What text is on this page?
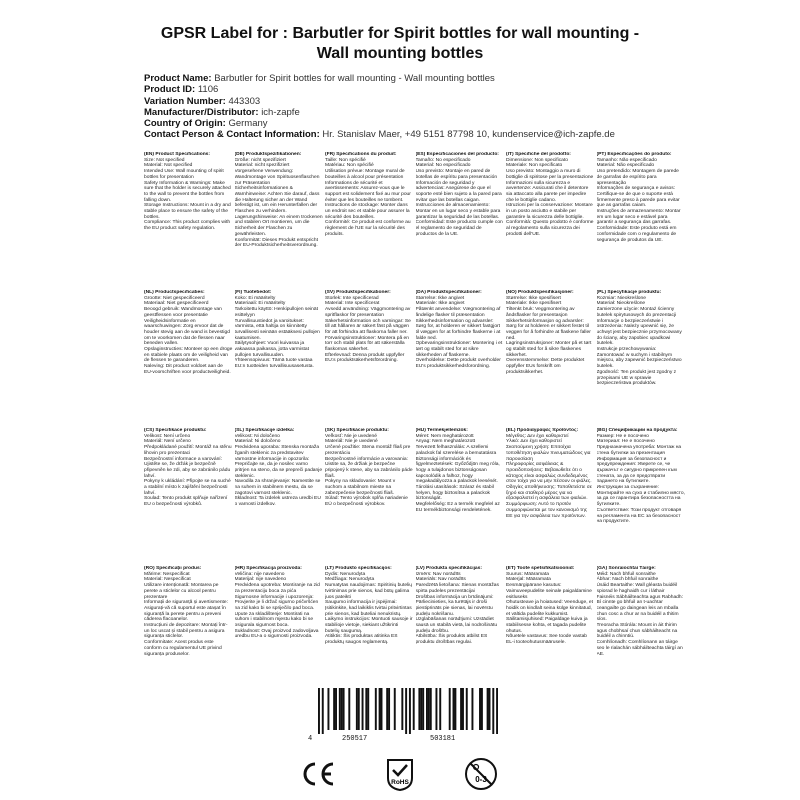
GPSR Label for : Barbutler for Spirit bottles for wall mounting -
Wall mounting bottles
Product Name: Barbutler for Spirit bottles for wall mounting - Wall mounting bottles
Product ID: 1106
Variation Number: 443303
Manufacturer/Distributor: ich-zapfe
Country of Origin: Germany
Contact Person & Contact Information: Hr. Stanislav Maer, +49 5151 87798 10, kundenservice@ich-zapfe.de
(EN) Product Specifications:
Size: Not specified
Material: Not specified
Intended Use: Wall mounting of spirit bottles for presentation
Safety Information & Warnings: Make sure that the holder is securely attached to the wall to prevent the bottles from falling down.
Storage Instructions: Mount in a dry and stable place to ensure the safety of the bottles.
Compliance: This product complies with the EU product safety regulation.
(DE) Produktspezifikationen:
Größe: nicht spezifiziert
Material: nicht spezifiziert
Vorgesehene Verwendung: Wandmontage von Spirituosenflaschen zur Präsentation
Sicherheitsinformationen & Warnhinweise: Achten Sie darauf, dass die Halterung sicher an der Wand befestigt ist, um ein Herunterfallen der Flaschen zu verhindern.
Lagerungshinweise: An einem trockenen und stabilen Ort montieren, um die Sicherheit der Flaschen zu gewährleisten.
Konformität: Dieses Produkt entspricht der EU-Produktsicherheitsverordnung.
(FR) Spécifications du produit:
Taille: Non spécifié
Matériau: Non spécifié
Utilisation prévue: Montage mural de bouteilles à alcool pour présentation
Informations de sécurité et avertissements: Assurez-vous que le support est solidement fixé au mur pour éviter que les bouteilles ne tombent.
Instructions de stockage: Monter dans un endroit sec et stable pour assurer la sécurité des bouteilles.
Conformité: Ce produit est conforme au règlement de l'UE sur la sécurité des produits.
(ES) Especificaciones del producto:
Tamaño: No especificado
Material: No especificado
Uso previsto: Montaje en pared de botellas de espíritu para presentación
Información de seguridad y advertencias: Asegúrese de que el soporte esté bien sujeto a la pared para evitar que las botellas caigan.
Instrucciones de almacenamiento: Montar en un lugar seco y estable para garantizar la seguridad de las botellas.
Conformidad: Este producto cumple con el reglamento de seguridad de productos de la UE.
(IT) Specifiche del prodotto:
Dimensione: Non specificato
Materiale: Non specificato
Uso previsto: Montaggio a muro di bottiglie di spiritose per la presentazione
Informazioni sulla sicurezza e avvertenze: Assicurati che il detentore sia attaccato alla parete per impedire che le bottiglie cadano.
Istruzioni per la conservazione: Montare in un posto asciutto e stabile per garantire la sicurezza delle bottiglie.
Conformità: Questo prodotto è conforme al regolamento sulla sicurezza dei prodotti dell'UE.
(PT) Especificações do produto:
Tamanho: Não especificado
Material: Não especificado
Uso pretendido: Montagem de parede de garrafas de espírito para apresentação
Informações de segurança e avisos: Certifique-se de que o suporte está firmemente preso à parede para evitar que as garrafas caiam.
Instruções de armazenamento: Montar em um lugar seco e estável para garantir a segurança das garrafas.
Conformidade: Este produto está em conformidade com o regulamento de segurança de produtos da UE.
(NL) Productspecificaties:
Grootte: Niet gespecificeerd
Materiaal: Niet gespecificeerd
Beoogd gebruik: Wandmontage van geestflessen voor presentatie
Veiligheidsinformatie en waarschuwingen: Zorg ervoor dat de houder stevig aan de wand is bevestigd om te voorkomen dat de flessen naar beneden vallen.
Opslaginstructies: Monteer op een droge en stabiele plaats om de veiligheid van de flessen te garanderen.
Naleving: Dit product voldoet aan de EU-voorschriften voor productveiligheid.
(FI) Tuotetiedot:
Koko: Ei määritelty
Materiaali: Ei määritelty
Tarkoitettu käyttö: Henkipullojen seinät esittelyyn
Turvallisuustiedot ja varoitukset: Varmista, että haltija on kiinnitetty turvallisesti seinään estääksesi pullojen kaatumisen.
Säilytysohjeet: Vuori kuivassa ja vakaassa paikassa, jotta varmistat pullojen turvallisuuden.
Yhteensopivuus: Tämä tuote vastaa EU:n tuotteiden turvallisuusasetusta.
(SV) Produktspecifikationer:
Storlek: Inte specificerad
Material: Inte specificerat
Avsedd användning: Väggmontering av spritflaskor för presentation
Säkerhetsinformation och varningar: Se till att hållaren är säkert fäst på väggen för att förhindra att flaskorna faller ner.
Förvaringsinstruktioner: Montera på en torr och stabil plats för att säkerställa flaskornas säkerhet.
Efterlevnad: Denna produkt uppfyller EU:s produktsäkerhetsförordning.
(DA) Produktspecifikationer:
Størrelse: Ikke angivet
Materiale: Ikke angivet
Påtænkt anvendelse: Vægmontering af åndelige flasker til præsentation
Sikkerhedsinformation og advarsler: Sørg for, at holderen er sikkert fastgjort til væggen for at forhindre flaskerne i at falde ned.
Opbevaringsinstruktioner: Montering i et tørt og stabilt sted for at sikre sikkerheden af flaskerne.
Overholdelse: Dette produkt overholder EU's produktsikkerhedsforordning.
(NO) Produktspesifikasjoner:
Størrelse: Ikke spesifisert
Materiale: Ikke spesifisert
Tiltenkt bruk: Veggmontering av åndsflasker for presentasjon
Sikkerhetsinformasjon og advarsler: Sørg for at holderen er sikkert festet til veggen for å forhindre at flaskene faller ned.
Lagringsinstruksjoner: Monter på et tørt og stabilt sted for å sikre flaskenes sikkerhet.
Overensstemmelse: Dette produktet oppfyller EUs forskrift om produktsikkerhet.
(PL) Specyfikacje produktu:
Rozmiar: Nieokreślone
Materiał: Nieokreślone
Zamierzone użycie: Montaż ścienny butelek spirytusowych do prezentacji
Informacje o bezpieczeństwie i ostrzeżenia: Należy upewnić się, że uchwyt jest bezpiecznie przymocowany do ściany, aby zapobiec upadkowi butelek.
Instrukcje przechowywania: Zamontować w suchym i stabilnym miejscu, aby zapewnić bezpieczeństwo butelek.
Zgodność: Ten produkt jest zgodny z przepisami UE w sprawie bezpieczeństwa produktów.
(CS) Specifikace produktu:
Velikost: Není určeno
Materiál: Není určeno
Předpokládané použití: Montáž na stěnu lihovin pro prezentaci
Bezpečnostní informace a varování: Ujistěte se, že držák je bezpečně připevněn ke zdi, aby se zabránilo pádu lahví.
Pokyny k ukládání: Připojte se na suché a stabilní místo k zajištění bezpečnosti lahví.
Soulad: Tento produkt splňuje nařízení EU o bezpečnosti výrobků.
(SL) Specifikacije izdelka:
Velikost: Ni določeno
Material: Ni določeno
Predvidena uporaba: Stenska montaža žganih steklenic za predstavitev
Varnostne informacije in opozorila: Prepričajte se, da je nosilec varno pritrjen na steno, da se prepreči padanje steklenic.
Navodila za shranjevanje: Namestite se na suhem in stabilnem mestu, da se zagotovi varnost steklenic.
Skladnost: Ta izdelek ustreza uredbi EU o varnosti izdelkov.
(SK) Špecifikácie produktu:
Veľkosť: Nie je uvedené
Materiál: Nie je uvedené
Určené použitie: Stena montáž fliaš pre prezentáciu
Bezpečnostné informácie a varovania: Uistite sa, že držiak je bezpečne pripojený k stene, aby sa zabránilo páde fliaš.
Pokyny na skladovanie: Mount v suchom a stabilnom mieste na zabezpečenie bezpečnosti fliaš.
Súlad: Tento výrobok spĺňa nariadenie EÚ o bezpečnosti výrobkov.
(HU) Termékjellemzők:
Méret: Nem meghatározott
Anyag: Nem meghatározott
Tervezett felhasználás: A szellemi palackok fal szerelése a bemutatásra
Biztonsági információk és figyelmeztetések: Győződjön meg róla, hogy a tulajdonos biztonságosan kapcsolódik a falhoz, hogy megakadályozza a palackok leesését.
Tárolási utasítások: Száraz és stabil helyen, hogy biztosítsa a palackok biztonságát.
Megfelelőség: Ez a termék megfelel az EU termékbiztonsági rendeletének.
(EL) Προδιαγραφές προϊόντος:
Μέγεθος: Δεν έχει καθοριστεί
Υλικό: Δεν έχει καθοριστεί
Σκοπούμενη χρήση: Επιτοίχια τοποθέτηση φιαλών πνευματώδους για παρουσίαση
Πληροφορίες ασφάλειας & προειδοποιήσεις: Βεβαιωθείτε ότι ο κάτοχος είναι ασφαλώς συνδεδεμένος στον τοίχο για να μην πέσουν οι φιάλες.
Οδηγίες αποθήκευσης: Τοποθετείστε σε ξηρό και σταθερό μέρος για να εξασφαλιστεί η ασφάλεια των φιαλών.
Συμμόρφωση: Αυτό το προϊόν συμμορφώνεται με τον κανονισμό της ΕΕ για την ασφάλεια των προϊόντων.
(BG) Спецификации на продукта:
Размер: Не е посочено
Материал: Не е посочено
Предназначена употреба: Монтаж на стена бутилки за презентация
Информация за безопасност и предупреждения: Уверете се, че държачът е сигурно прикрепен към стената, за да се предотврати падането на бутилките.
Инструкции за съхранение: Монтирайте на сухо и стабилно място, за да се гарантира безопасността на бутилките.
Съответствие: Този продукт отговаря на регламента на ЕС за безопасност на продуктите.
(RO) Specificații produs:
Mărime: Nespecificat
Material: Nespecificat
Utilizare intenționată: Montarea pe perete a sticlelor cu alcool pentru prezentare
Informații de siguranță și avertismente: Asigurați-vă că suportul este atașat în siguranță la perete pentru a preveni căderea flacoanelor.
Instrucțiuni de depozitare: Montați într-un loc uscat și stabil pentru a asigura siguranța sticlelor.
Conformitate: Acest produs este conform cu regulamentul UE privind siguranța produselor.
(HR) Specifikacija proizvoda:
Veličina: nije navedeno
Materijal: nije navedeno
Predviđena upotreba: Montiranje na zid za prezentaciju boca za pića
Sigurnosne informacije i upozorenja: Provjerite je li držač sigurno pričvršćen na zid kako bi se spriječilo pad boca.
Upute za skladištenje: Montirati na suhom i stabilnom mjestu kako bi se osigurala sigurnost boca.
Sukladnost: Ovaj proizvod zadovoljava uredbu EU-a o sigurnosti proizvoda.
(LT) Produkto specifikacijos:
Dydis: Nenurodyta
Medžiaga: Nenurodyta
Numatytas naudojimas: Spiritinių butelių tvirtinimas prie sienos, kad būtų galima juos pateikti
Saugumo informacija ir įspėjimai: Įsitikinkite, kad laikiklis tvirtai pritvirtintas prie sienos, kad buteliai nenukristų.
Laikymo instrukcijos: Montuoti sausoje ir stabilioje vietoje, siekiant užtikrinti butelių saugumą.
Atitiktis: Šis produktas atitinka ES produktų saugos reglamentą.
(LV) Produkta specifikācijas:
Izmērs: Nav norādīts
Materiāls: Nav norādīts
Paredzētā lietošana: Sienas montāžas spirta pudeles prezentācijai
Drošības informācija un brīdinājumi: Pārliecinieties, ka turētājs ir droši piestiprināts pie sienas, lai novērstu pudeļu nokrišanu.
Uzglabāšanas norādījumi: Uzstādiet sausā un stabilā vietā, lai nodrošinātu pudeļu drošību.
Atbilstība: Šis produkts atbilst ES produktu drošības regulai.
(ET) Toote spetsifikatsioonid:
Suurus: Määramata
Materjal: Määramata
Eesmärgipärane kasutus: Vaimuveepudelite seinale paigaldamine esitluseks
Ohutusteave ja hoiatused: Veenduge, et hoidik on kindlalt seina külge kinnitatud, et vältida pudelite kukkumist.
Säilitamisjuhised: Paigaldage kuiva ja stabiilsesse kohta, et tagada pudelite ohutus.
Nõuetele vastavus: See toode vastab EL-i tooteohutusmäärusele.
(GA) Sonraíochtaí Táirge:
Méid: Nach bhfuil sonraithe
Ábhar: Nach bhfuil sonraithe
Úsáid Beartaithe: Wall gléasta buidéil spiorad le haghaidh cur i láthair
Faisnéis Sábháilteachta agus Rabhadh: Bí cinnte go bhfuil an t-uachtar ceangailte go daingean leis an mballa chun cosc a chur ar na buidéil a thitim síos.
Treoracha Stórála: Mount in áit thirim agus chobhsaí chun sábháilteacht na buidéil a chinntiú.
Comhlíonadh: Comhlíonann an táirge seo le rialachán sábháilteachta táirgí an AE.
4	250517	503181
RoHS	0-3
